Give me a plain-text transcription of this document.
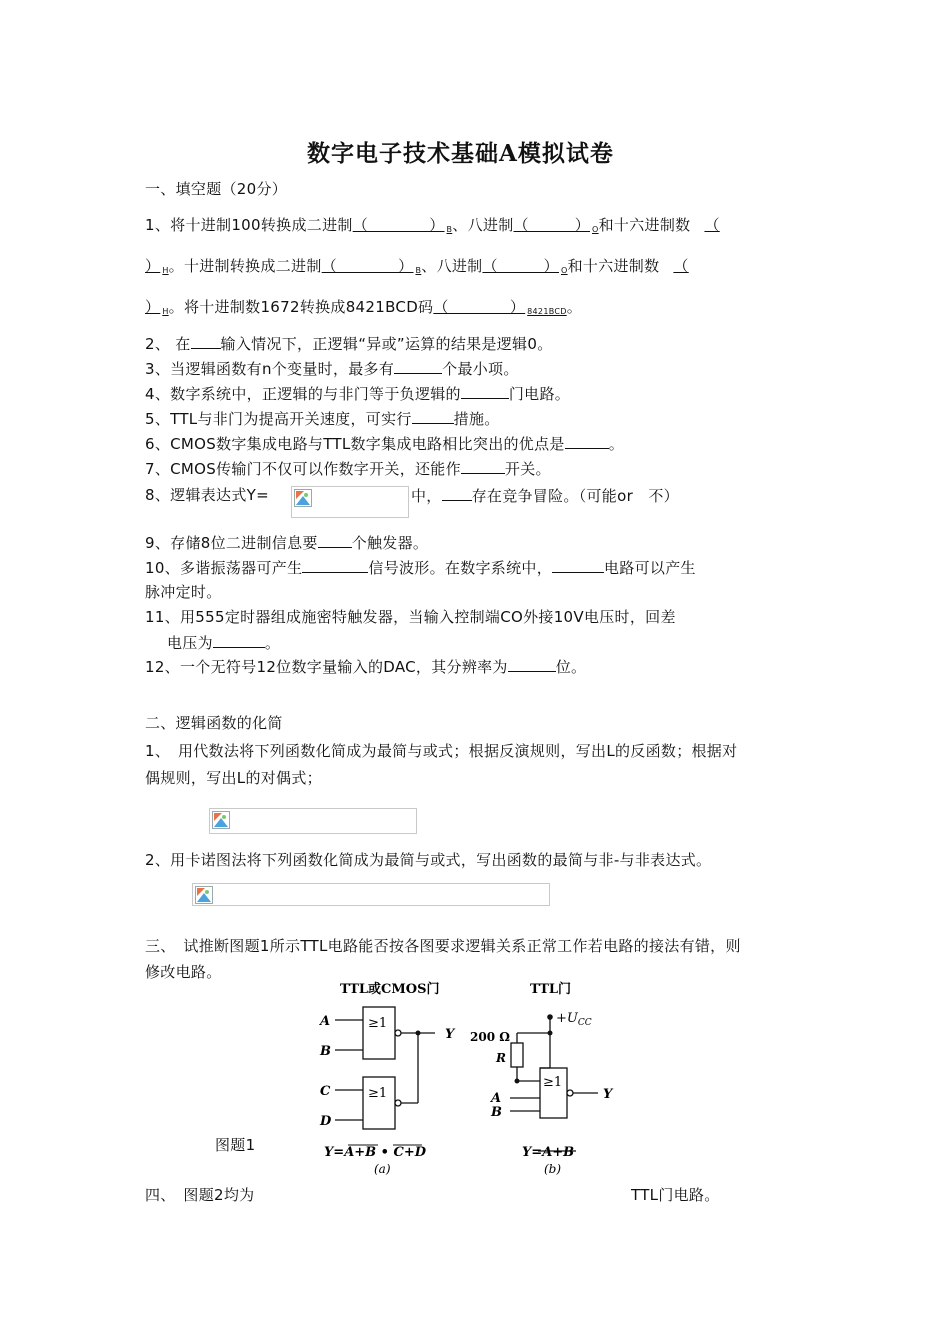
数字电子技术基础A模拟试卷
一、填空题（20分）
1、将十进制100转换成二进制（　　　　） $_B$、八进制（　　　） $_O$和十六进制数 （
） $_H$。十进制转换成二进制（　　　　） $_B$、八进制（　　　） $_O$和十六进制数 （
） $_H$。将十进制数1672转换成8421BCD码（　　　　） $_{8421BCD}$。
2、 在 输入情况下，正逻辑“异或”运算的结果是逻辑0。
3、当逻辑函数有n个变量时，最多有	个最小项。
4、数字系统中，正逻辑的与非门等于负逻辑的	门电路。
5、TTL与非门为提高开关速度，可实行	措施。
6、CMOS数字集成电路与TTL数字集成电路相比突出的优点是	。
7、CMOS传输门不仅可以作数字开关，还能作	开关。
8、逻辑表达式Y=	中， 存在竞争冒险。（可能or　不）
9、存储8位二进制信息要 个触发器。
10、多谐振荡器可产生	信号波形。在数字系统中，	电路可以产生
脉冲定时。
11、用555定时器组成施密特触发器，当输入控制端CO外接10V电压时，回差
电压为	。
12、一个无符号12位数字量输入的DAC，其分辨率为	位。
二、逻辑函数的化简
1、　用代数法将下列函数化简成为最简与或式；根据反演规则，写出L的反函数；根据对
偶规则，写出L的对偶式；
2、用卡诺图法将下列函数化简成为最简与或式，写出函数的最简与非-与非表达式。
三、　试推断图题1所示TTL电路能否按各图要求逻辑关系正常工作若电路的接法有错，则
修改电路。
图题1
TTL或CMOS门
≥1
≥1
A
B
C
D
Y
Y=A+B • C+D
(a)
TTL门
$+U_{CC}$
200 Ω
R
≥1
A
B
Y
Y=A+B
(b)
四、　图题2均为	TTL门电路。
